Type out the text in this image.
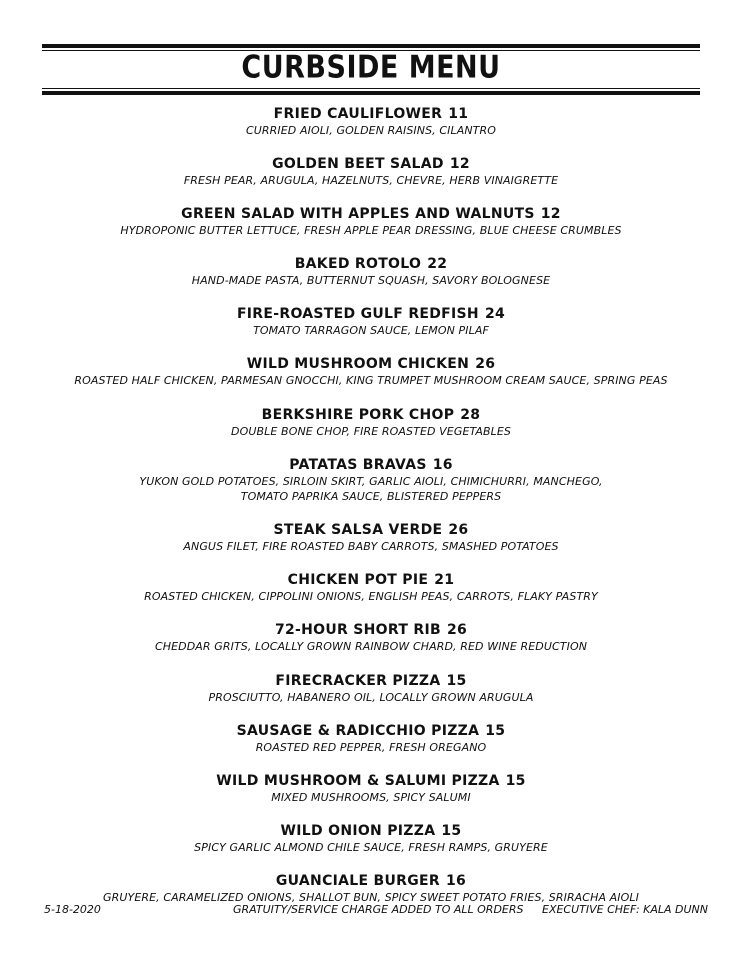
CURBSIDE MENU
FRIED CAULIFLOWER 11
CURRIED AIOLI, GOLDEN RAISINS, CILANTRO
GOLDEN BEET SALAD 12
FRESH PEAR, ARUGULA, HAZELNUTS, CHEVRE, HERB VINAIGRETTE
GREEN SALAD WITH APPLES AND WALNUTS 12
HYDROPONIC BUTTER LETTUCE, FRESH APPLE PEAR DRESSING, BLUE CHEESE CRUMBLES
BAKED ROTOLO 22
HAND-MADE PASTA, BUTTERNUT SQUASH, SAVORY BOLOGNESE
FIRE-ROASTED GULF REDFISH 24
TOMATO TARRAGON SAUCE, LEMON PILAF
WILD MUSHROOM CHICKEN 26
ROASTED HALF CHICKEN, PARMESAN GNOCCHI, KING TRUMPET MUSHROOM CREAM SAUCE, SPRING PEAS
BERKSHIRE PORK CHOP 28
DOUBLE BONE CHOP, FIRE ROASTED VEGETABLES
PATATAS BRAVAS 16
YUKON GOLD POTATOES, SIRLOIN SKIRT, GARLIC AIOLI, CHIMICHURRI, MANCHEGO,
TOMATO PAPRIKA SAUCE, BLISTERED PEPPERS
STEAK SALSA VERDE 26
ANGUS FILET, FIRE ROASTED BABY CARROTS, SMASHED POTATOES
CHICKEN POT PIE 21
ROASTED CHICKEN, CIPPOLINI ONIONS, ENGLISH PEAS, CARROTS, FLAKY PASTRY
72-HOUR SHORT RIB 26
CHEDDAR GRITS, LOCALLY GROWN RAINBOW CHARD, RED WINE REDUCTION
FIRECRACKER PIZZA 15
PROSCIUTTO, HABANERO OIL, LOCALLY GROWN ARUGULA
SAUSAGE & RADICCHIO PIZZA 15
ROASTED RED PEPPER, FRESH OREGANO
WILD MUSHROOM & SALUMI PIZZA 15
MIXED MUSHROOMS, SPICY SALUMI
WILD ONION PIZZA 15
SPICY GARLIC ALMOND CHILE SAUCE, FRESH RAMPS, GRUYERE
GUANCIALE BURGER 16
GRUYERE, CARAMELIZED ONIONS, SHALLOT BUN, SPICY SWEET POTATO FRIES, SRIRACHA AIOLI
5-18-2020	GRATUITY/SERVICE CHARGE ADDED TO ALL ORDERS EXECUTIVE CHEF: KALA DUNN
